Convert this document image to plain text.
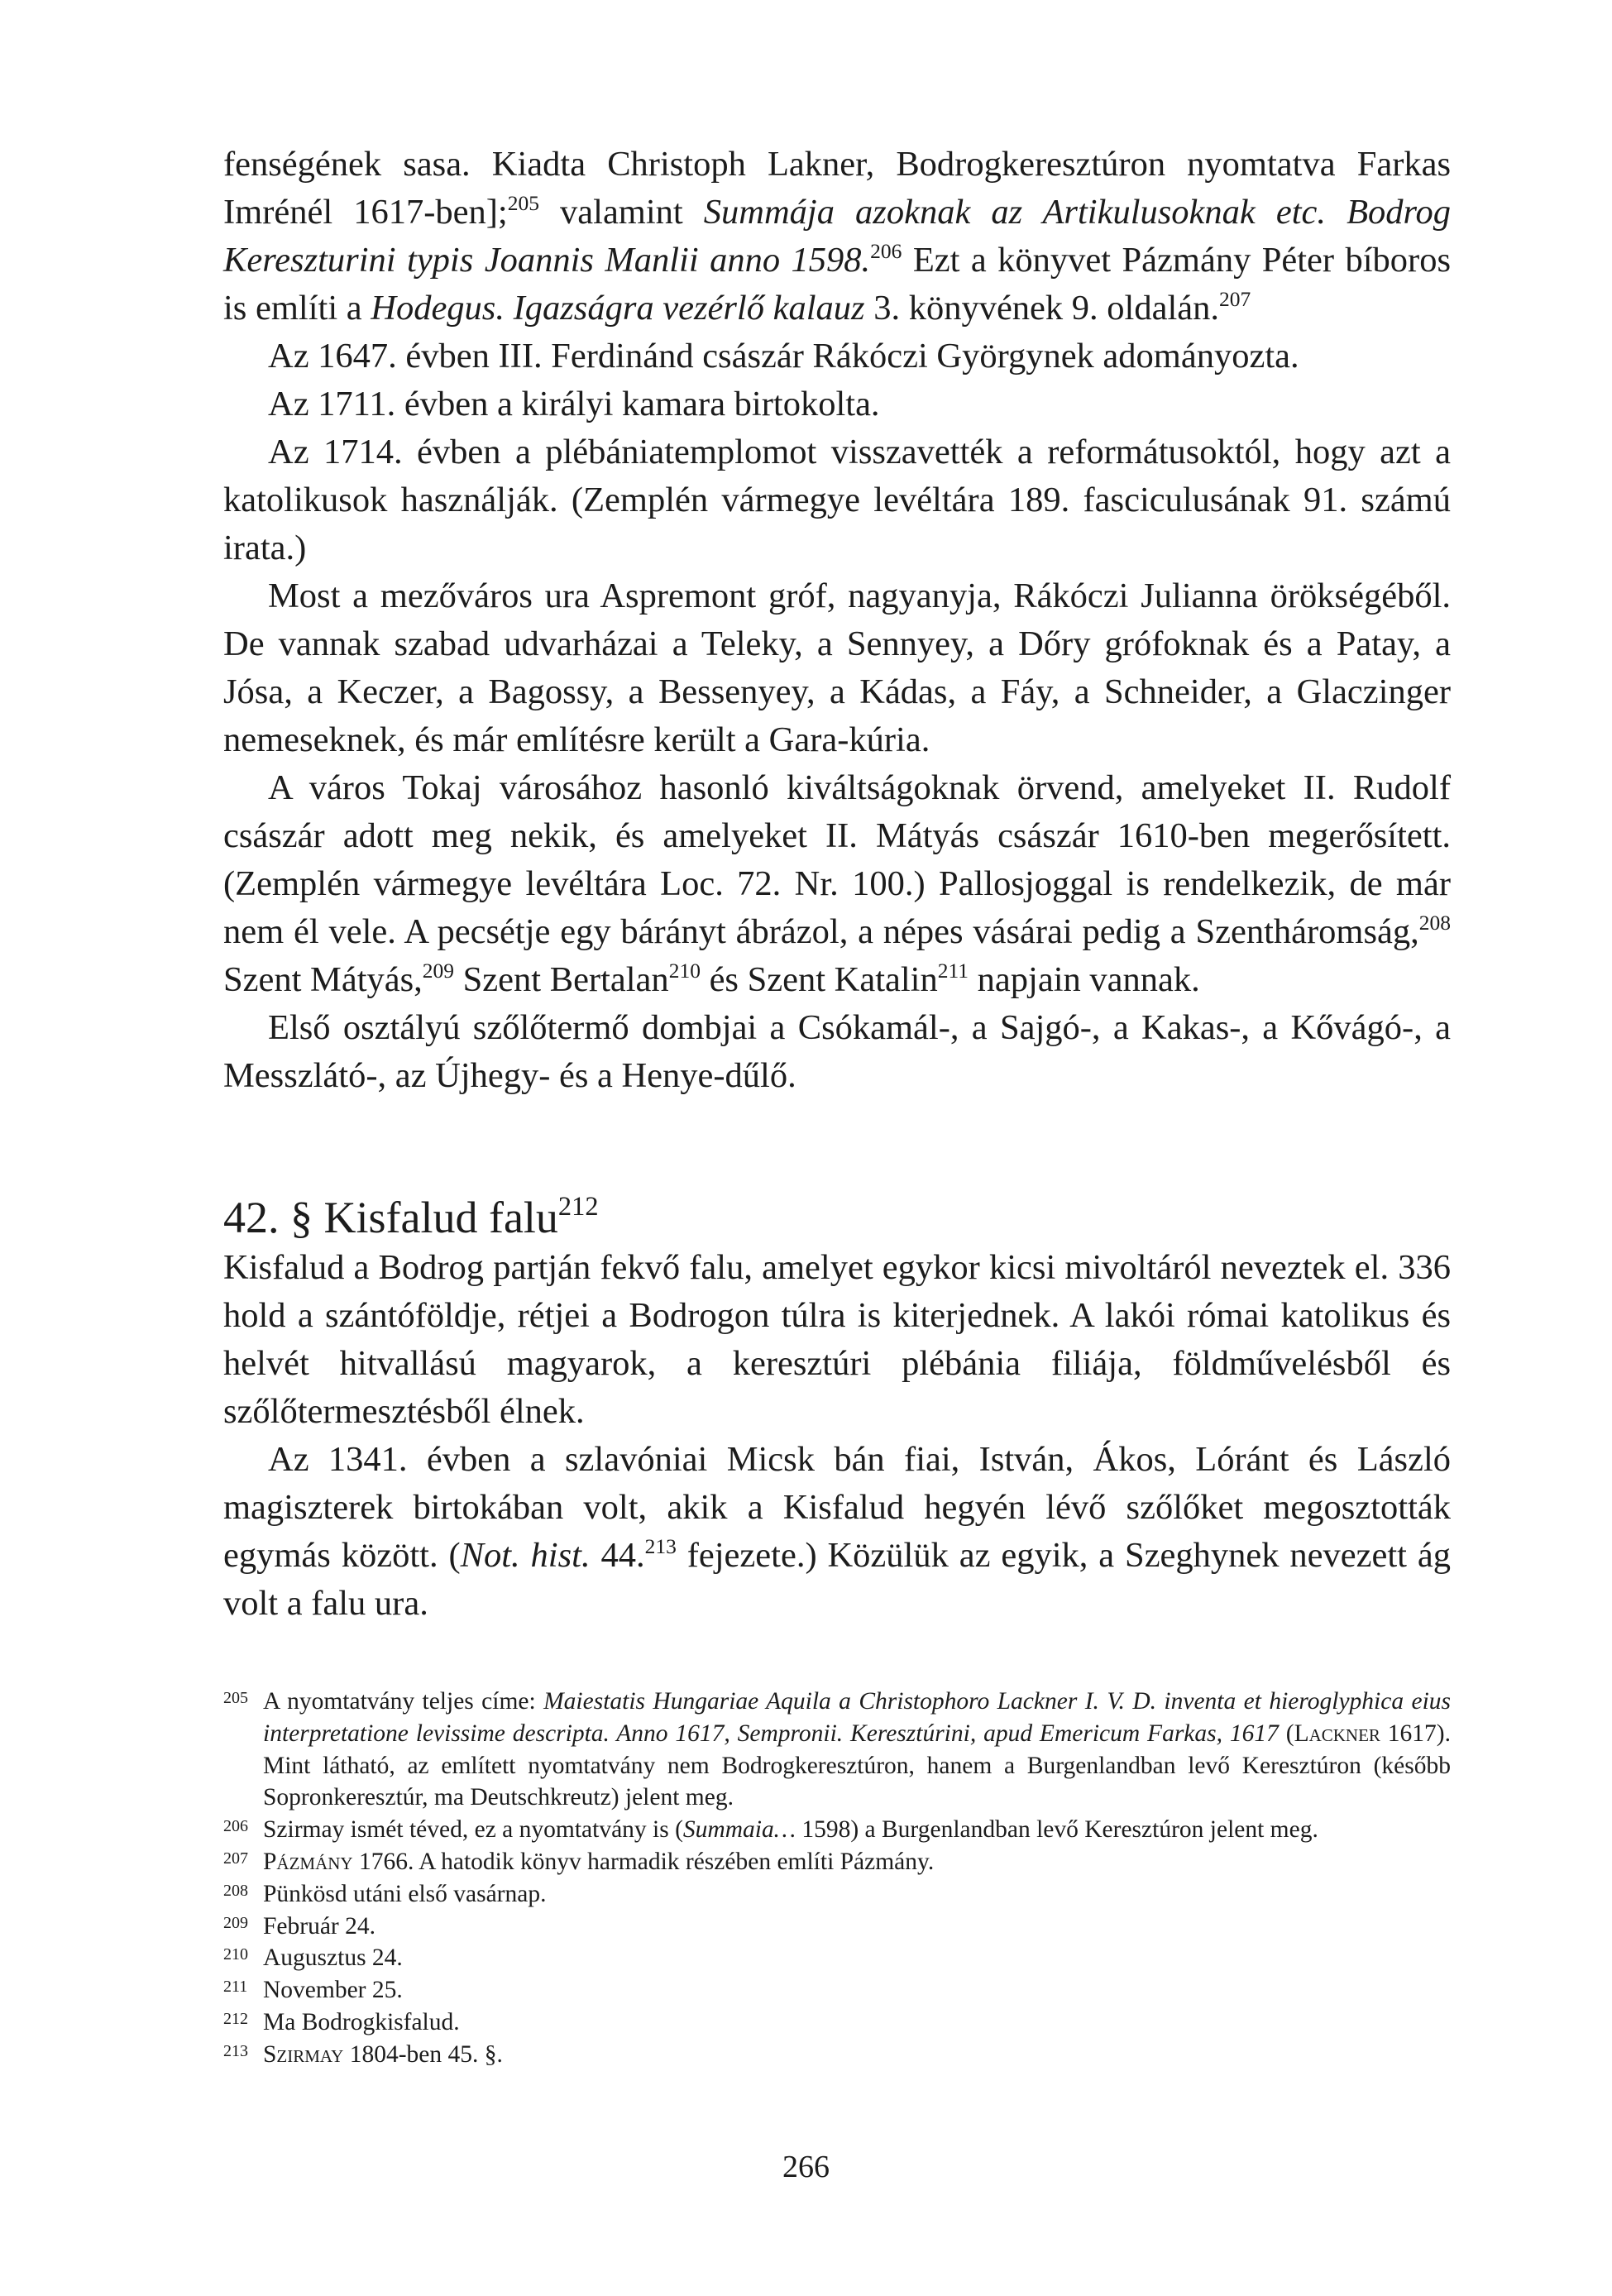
fenségének sasa. Kiadta Christoph Lakner, Bodrogkeresztúron nyomtatva Farkas Imrénél 1617-ben];$^{205}$ valamint Summája azoknak az Artikulusoknak etc. Bodrog Kereszturini typis Joannis Manlii anno 1598.$^{206}$ Ezt a könyvet Pázmány Péter bíboros is említi a Hodegus. Igazságra vezérlő kalauz 3. könyvének 9. oldalán.$^{207}$

Az 1647. évben III. Ferdinánd császár Rákóczi Györgynek adományozta.

Az 1711. évben a királyi kamara birtokolta.

Az 1714. évben a plébániatemplomot visszavették a reformátusoktól, hogy azt a katolikusok használják. (Zemplén vármegye levéltára 189. fasciculusának 91. számú irata.)

Most a mezőváros ura Aspremont gróf, nagyanyja, Rákóczi Julianna örökségéből. De vannak szabad udvarházai a Teleky, a Sennyey, a Dőry grófoknak és a Patay, a Jósa, a Keczer, a Bagossy, a Bessenyey, a Kádas, a Fáy, a Schneider, a Glaczinger nemeseknek, és már említésre került a Gara-kúria.

A város Tokaj városához hasonló kiváltságoknak örvend, amelyeket II. Rudolf császár adott meg nekik, és amelyeket II. Mátyás császár 1610-ben megerősített. (Zemplén vármegye levéltára Loc. 72. Nr. 100.) Pallosjoggal is rendelkezik, de már nem él vele. A pecsétje egy bárányt ábrázol, a népes vásárai pedig a Szentháromság,$^{208}$ Szent Mátyás,$^{209}$ Szent Bertalan$^{210}$ és Szent Katalin$^{211}$ napjain vannak.

Első osztályú szőlőtermő dombjai a Csókamál-, a Sajgó-, a Kakas-, a Kővágó-, a Messzlátó-, az Újhegy- és a Henye-dűlő.

42. § Kisfalud falu$^{212}$

Kisfalud a Bodrog partján fekvő falu, amelyet egykor kicsi mivoltáról neveztek el. 336 hold a szántóföldje, rétjei a Bodrogon túlra is kiterjednek. A lakói római katolikus és helvét hitvallású magyarok, a keresztúri plébánia filiája, földművelésből és szőlőtermesztésből élnek.

Az 1341. évben a szlavóniai Micsk bán fiai, István, Ákos, Lóránt és László magiszterek birtokában volt, akik a Kisfalud hegyén lévő szőlőket megosztották egymás között. (Not. hist. 44.$^{213}$ fejezete.) Közülük az egyik, a Szeghynek nevezett ág volt a falu ura.

205 A nyomtatvány teljes címe: Maiestatis Hungariae Aquila a Christophoro Lackner I. V. D. inventa et hieroglyphica eius interpretatione levissime descripta. Anno 1617, Sempronii. Keresztúrini, apud Emericum Farkas, 1617 (Lackner 1617). Mint látható, az említett nyomtatvány nem Bodrogkeresztúron, hanem a Burgenlandban levő Keresztúron (később Sopronkeresztúr, ma Deutschkreutz) jelent meg.
206 Szirmay ismét téved, ez a nyomtatvány is (Summaia… 1598) a Burgenlandban levő Keresztúron jelent meg.
207 Pázmány 1766. A hatodik könyv harmadik részében említi Pázmány.
208 Pünkösd utáni első vasárnap.
209 Február 24.
210 Augusztus 24.
211 November 25.
212 Ma Bodrogkisfalud.
213 Szirmay 1804-ben 45. §.
266
